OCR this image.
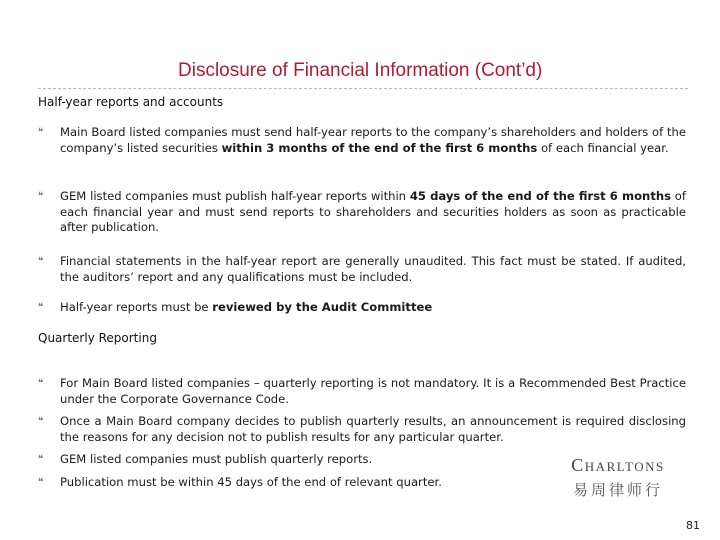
Disclosure of Financial Information (Cont’d)
Half-year reports and accounts
❝	Main Board listed companies must send half-year reports to the company’s shareholders and holders of the company’s listed securities within 3 months of the end of the first 6 months of each financial year.
❝	GEM listed companies must publish half-year reports within 45 days of the end of the first 6 months of each financial year and must send reports to shareholders and securities holders as soon as practicable after publication.
❝	Financial statements in the half-year report are generally unaudited. This fact must be stated. If audited, the auditors’ report and any qualifications must be included.
❝	Half-year reports must be reviewed by the Audit Committee
Quarterly Reporting
❝	For Main Board listed companies – quarterly reporting is not mandatory. It is a Recommended Best Practice under the Corporate Governance Code.
❝	Once a Main Board company decides to publish quarterly results, an announcement is required disclosing the reasons for any decision not to publish results for any particular quarter.
❝	GEM listed companies must publish quarterly reports.
❝	Publication must be within 45 days of the end of relevant quarter.
Charltons
易周律师行
81
